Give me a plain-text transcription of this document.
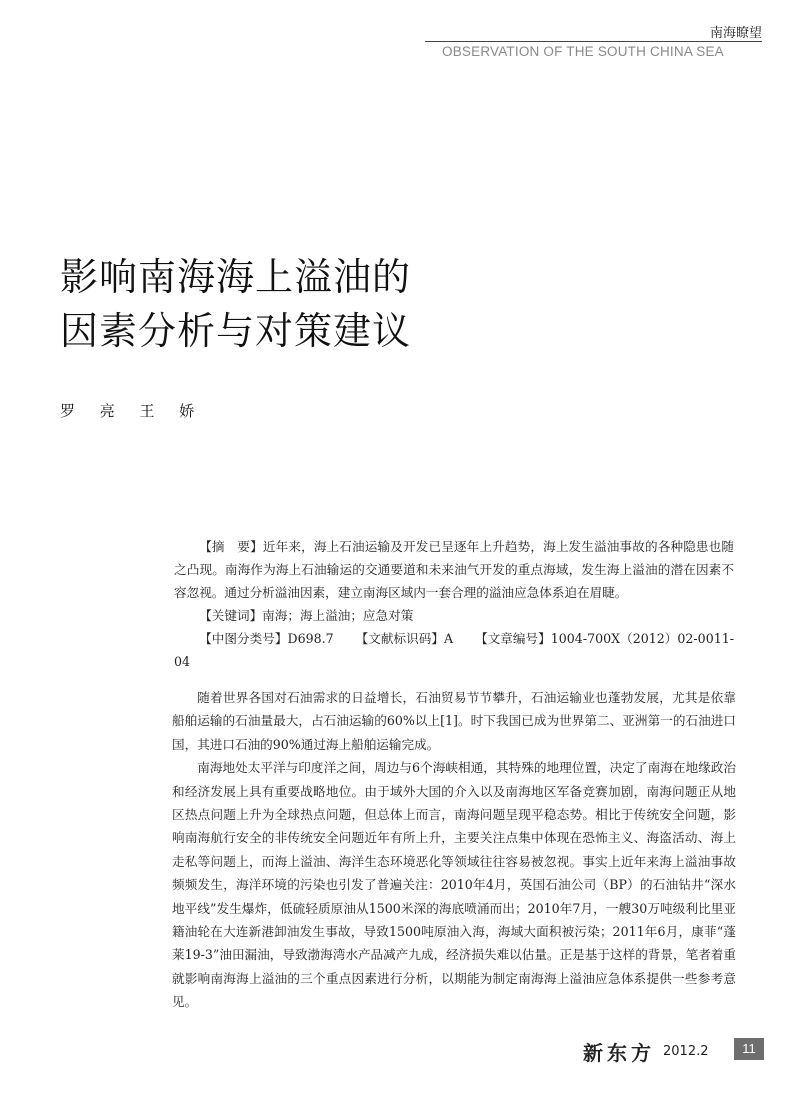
南海瞭望
OBSERVATION OF THE SOUTH CHINA SEA
影响南海海上溢油的
因素分析与对策建议
罗 亮 王 娇

【摘　要】近年来，海上石油运输及开发已呈逐年上升趋势，海上发生溢油事故的各种隐患也随之凸现。南海作为海上石油输运的交通要道和未来油气开发的重点海域，发生海上溢油的潜在因素不容忽视。通过分析溢油因素，建立南海区域内一套合理的溢油应急体系迫在眉睫。

【关键词】南海；海上溢油；应急对策

【中图分类号】D698.7 【文献标识码】A 【文章编号】1004-700X（2012）02-0011-04

随着世界各国对石油需求的日益增长，石油贸易节节攀升，石油运输业也蓬勃发展，尤其是依靠船舶运输的石油量最大，占石油运输的60%以上[1]。时下我国已成为世界第二、亚洲第一的石油进口国，其进口石油的90%通过海上船舶运输完成。

南海地处太平洋与印度洋之间，周边与6个海峡相通，其特殊的地理位置，决定了南海在地缘政治和经济发展上具有重要战略地位。由于域外大国的介入以及南海地区军备竞赛加剧，南海问题正从地区热点问题上升为全球热点问题，但总体上而言，南海问题呈现平稳态势。相比于传统安全问题，影响南海航行安全的非传统安全问题近年有所上升，主要关注点集中体现在恐怖主义、海盗活动、海上走私等问题上，而海上溢油、海洋生态环境恶化等领域往往容易被忽视。事实上近年来海上溢油事故频频发生，海洋环境的污染也引发了普遍关注：2010年4月，英国石油公司（BP）的石油钻井“深水地平线”发生爆炸，低硫轻质原油从1500米深的海底喷涌而出；2010年7月，一艘30万吨级利比里亚籍油轮在大连新港卸油发生事故，导致1500吨原油入海，海域大面积被污染；2011年6月，康菲“蓬莱19-3”油田漏油，导致渤海湾水产品减产九成，经济损失难以估量。正是基于这样的背景，笔者着重就影响南海海上溢油的三个重点因素进行分析，以期能为制定南海海上溢油应急体系提供一些参考意见。

新东方 2012.2	11
